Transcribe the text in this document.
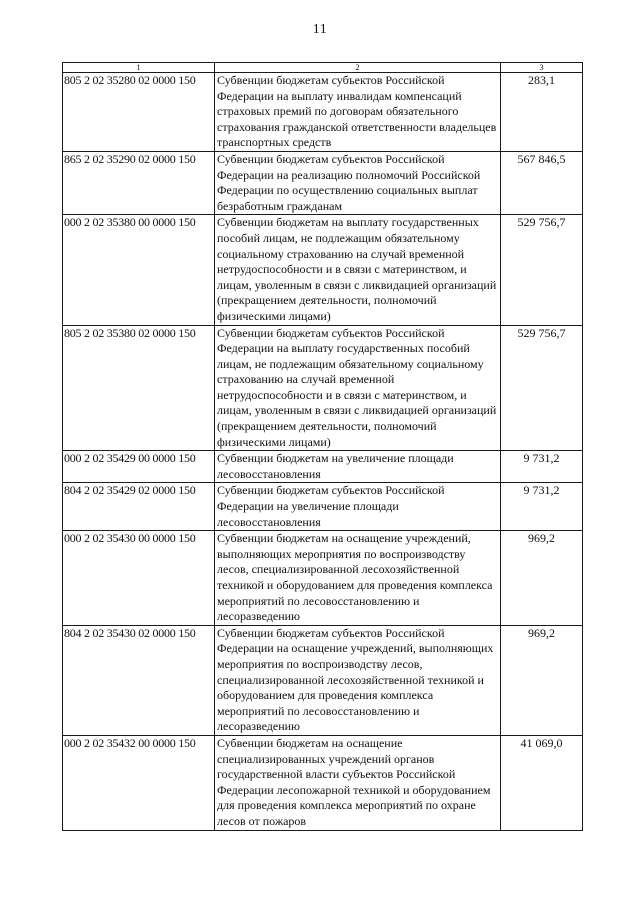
11
1	2	3
805 2 02 35280 02 0000 150	Субвенции бюджетам субъектов Российской Федерации на выплату инвалидам компенсаций страховых премий по договорам обязательного страхования гражданской ответственности владельцев транспортных средств	283,1
865 2 02 35290 02 0000 150	Субвенции бюджетам субъектов Российской Федерации на реализацию полномочий Российской Федерации по осуществлению социальных выплат безработным гражданам	567 846,5
000 2 02 35380 00 0000 150	Субвенции бюджетам на выплату государственных пособий лицам, не подлежащим обязательному социальному страхованию на случай временной нетрудоспособности и в связи с материнством, и лицам, уволенным в связи с ликвидацией организаций (прекращением деятельности, полномочий физическими лицами)	529 756,7
805 2 02 35380 02 0000 150	Субвенции бюджетам субъектов Российской Федерации на выплату государственных пособий лицам, не подлежащим обязательному социальному страхованию на случай временной нетрудоспособности и в связи с материнством, и лицам, уволенным в связи с ликвидацией организаций (прекращением деятельности, полномочий физическими лицами)	529 756,7
000 2 02 35429 00 0000 150	Субвенции бюджетам на увеличение площади лесовосстановления	9 731,2
804 2 02 35429 02 0000 150	Субвенции бюджетам субъектов Российской Федерации на увеличение площади лесовосстановления	9 731,2
000 2 02 35430 00 0000 150	Субвенции бюджетам на оснащение учреждений, выполняющих мероприятия по воспроизводству лесов, специализированной лесохозяйственной техникой и оборудованием для проведения комплекса мероприятий по лесовосстановлению и лесоразведению	969,2
804 2 02 35430 02 0000 150	Субвенции бюджетам субъектов Российской Федерации на оснащение учреждений, выполняющих мероприятия по воспроизводству лесов, специализированной лесохозяйственной техникой и оборудованием для проведения комплекса мероприятий по лесовосстановлению и лесоразведению	969,2
000 2 02 35432 00 0000 150	Субвенции бюджетам на оснащение специализированных учреждений органов государственной власти субъектов Российской Федерации лесопожарной техникой и оборудованием для проведения комплекса мероприятий по охране лесов от пожаров	41 069,0
